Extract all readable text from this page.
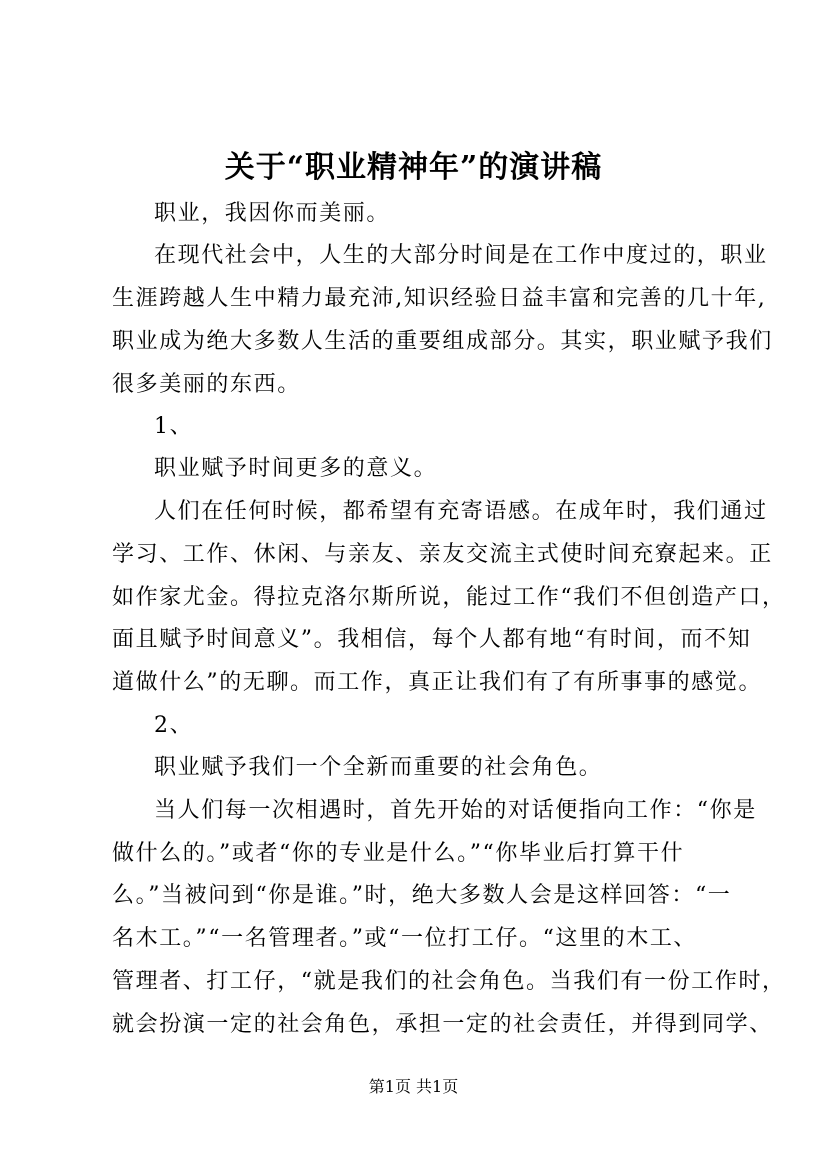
关于“职业精神年”的演讲稿
职业，我因你而美丽。
在现代社会中，人生的大部分时间是在工作中度过的，职业
生涯跨越人生中精力最充沛,知识经验日益丰富和完善的几十年,
职业成为绝大多数人生活的重要组成部分。其实，职业赋予我们
很多美丽的东西。
1、
职业赋予时间更多的意义。
人们在任何时候，都希望有充寄语感。在成年时，我们通过
学习、工作、休闲、与亲友、亲友交流主式使时间充寮起来。正
如作家尤金。得拉克洛尔斯所说，能过工作“我们不但创造产口，
面且赋予时间意义”。我相信，每个人都有地“有时间，而不知
道做什么”的无聊。而工作，真正让我们有了有所事事的感觉。
2、
职业赋予我们一个全新而重要的社会角色。
当人们每一次相遇时，首先开始的对话便指向工作：“你是
做什么的。”或者“你的专业是什么。”“你毕业后打算干什
么。”当被问到“你是谁。”时，绝大多数人会是这样回答：“一
名木工。”“一名管理者。”或“一位打工仔。“这里的木工、
管理者、打工仔，“就是我们的社会角色。当我们有一份工作时，
就会扮演一定的社会角色，承担一定的社会责任，并得到同学、
第1页 共1页
